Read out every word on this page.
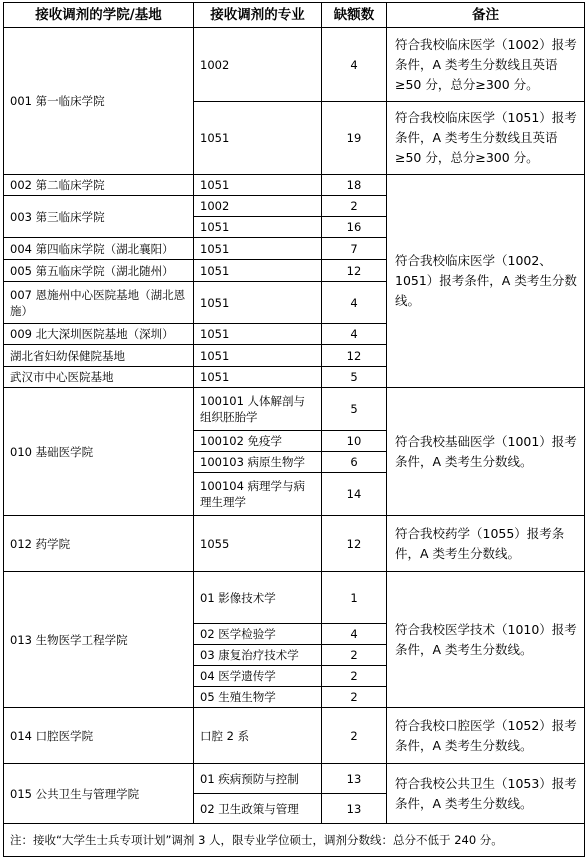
接收调剂的学院/基地	接收调剂的专业	缺额数	备注
001 第一临床学院	1002	4	符合我校临床医学（1002）报考条件，A 类考生分数线且英语≥50 分，总分≥300 分。
	1051	19	符合我校临床医学（1051）报考条件，A 类考生分数线且英语≥50 分，总分≥300 分。
002 第二临床学院	1051	18	符合我校临床医学（1002、1051）报考条件，A 类考生分数线。
003 第三临床学院	1002	2	
	1051	16	
004 第四临床学院（湖北襄阳）	1051	7	
005 第五临床学院（湖北随州）	1051	12	
007 恩施州中心医院基地（湖北恩施）	1051	4	
009 北大深圳医院基地（深圳）	1051	4	
湖北省妇幼保健院基地	1051	12	
武汉市中心医院基地	1051	5	
010 基础医学院	100101 人体解剖与组织胚胎学	5	符合我校基础医学（1001）报考条件，A 类考生分数线。
	100102 免疫学	10	
	100103 病原生物学	6	
	100104 病理学与病理生理学	14	
012 药学院	1055	12	符合我校药学（1055）报考条件，A 类考生分数线。
013 生物医学工程学院	01 影像技术学	1	符合我校医学技术（1010）报考条件，A 类考生分数线。
	02 医学检验学	4	
	03 康复治疗技术学	2	
	04 医学遗传学	2	
	05 生殖生物学	2	
014 口腔医学院	口腔 2 系	2	符合我校口腔医学（1052）报考条件，A 类考生分数线。
015 公共卫生与管理学院	01 疾病预防与控制	13	符合我校公共卫生（1053）报考条件，A 类考生分数线。
	02 卫生政策与管理	13	
注：接收“大学生士兵专项计划”调剂 3 人，限专业学位硕士，调剂分数线：总分不低于 240 分。			
